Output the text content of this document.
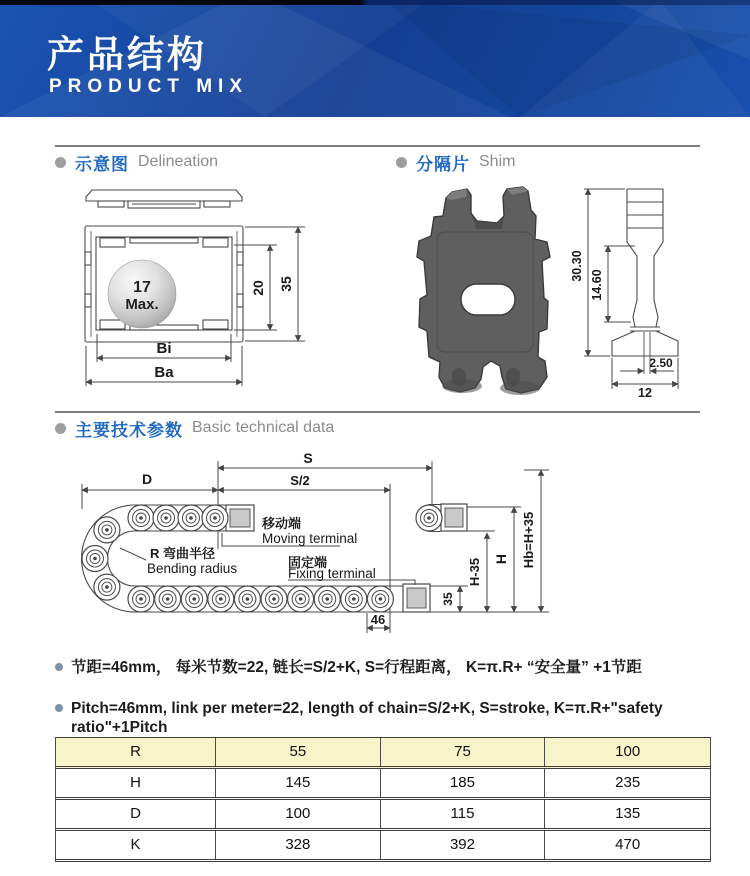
产品结构
PRODUCT MIX
示意图 Delineation	分隔片 Shim
17
Max.
20 35
Bi
Ba
30.30
14.60
2.50
12
主要技术参数 Basic technical data
S
S/2
D
46
35
H-35 H Hb=H+35
移动端
Moving terminal
固定端
Fixing terminal
R 弯曲半径
Bending radius
节距=46mm， 每米节数=22, 链长=S/2+K, S=行程距离， K=π.R+ “安全量” +1节距
Pitch=46mm, link per meter=22, length of chain=S/2+K, S=stroke, K=π.R+"safety ratio"+1Pitch
R	55	75	100
H	145	185	235
D	100	115	135
K	328	392	470
